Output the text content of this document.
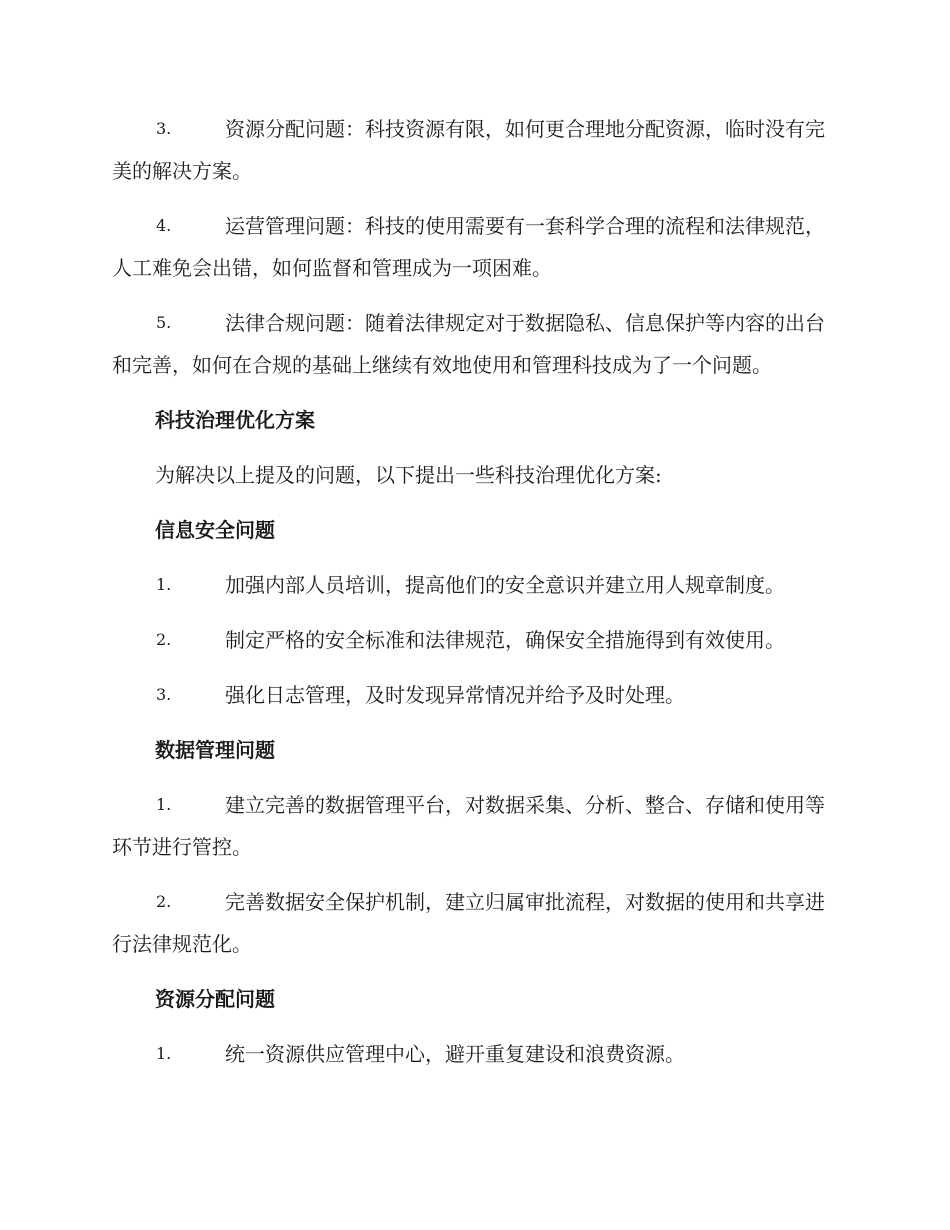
3.	资源分配问题：科技资源有限，如何更合理地分配资源，临时没有完美的解决方案。
4.	运营管理问题：科技的使用需要有一套科学合理的流程和法律规范，人工难免会出错，如何监督和管理成为一项困难。
5.	法律合规问题：随着法律规定对于数据隐私、信息保护等内容的出台和完善，如何在合规的基础上继续有效地使用和管理科技成为了一个问题。
科技治理优化方案
为解决以上提及的问题，以下提出一些科技治理优化方案:
信息安全问题
1.	加强内部人员培训，提高他们的安全意识并建立用人规章制度。
2.	制定严格的安全标准和法律规范，确保安全措施得到有效使用。
3.	强化日志管理，及时发现异常情况并给予及时处理。
数据管理问题
1.	建立完善的数据管理平台，对数据采集、分析、整合、存储和使用等环节进行管控。
2.	完善数据安全保护机制，建立归属审批流程，对数据的使用和共享进行法律规范化。
资源分配问题
1.	统一资源供应管理中心，避开重复建设和浪费资源。
